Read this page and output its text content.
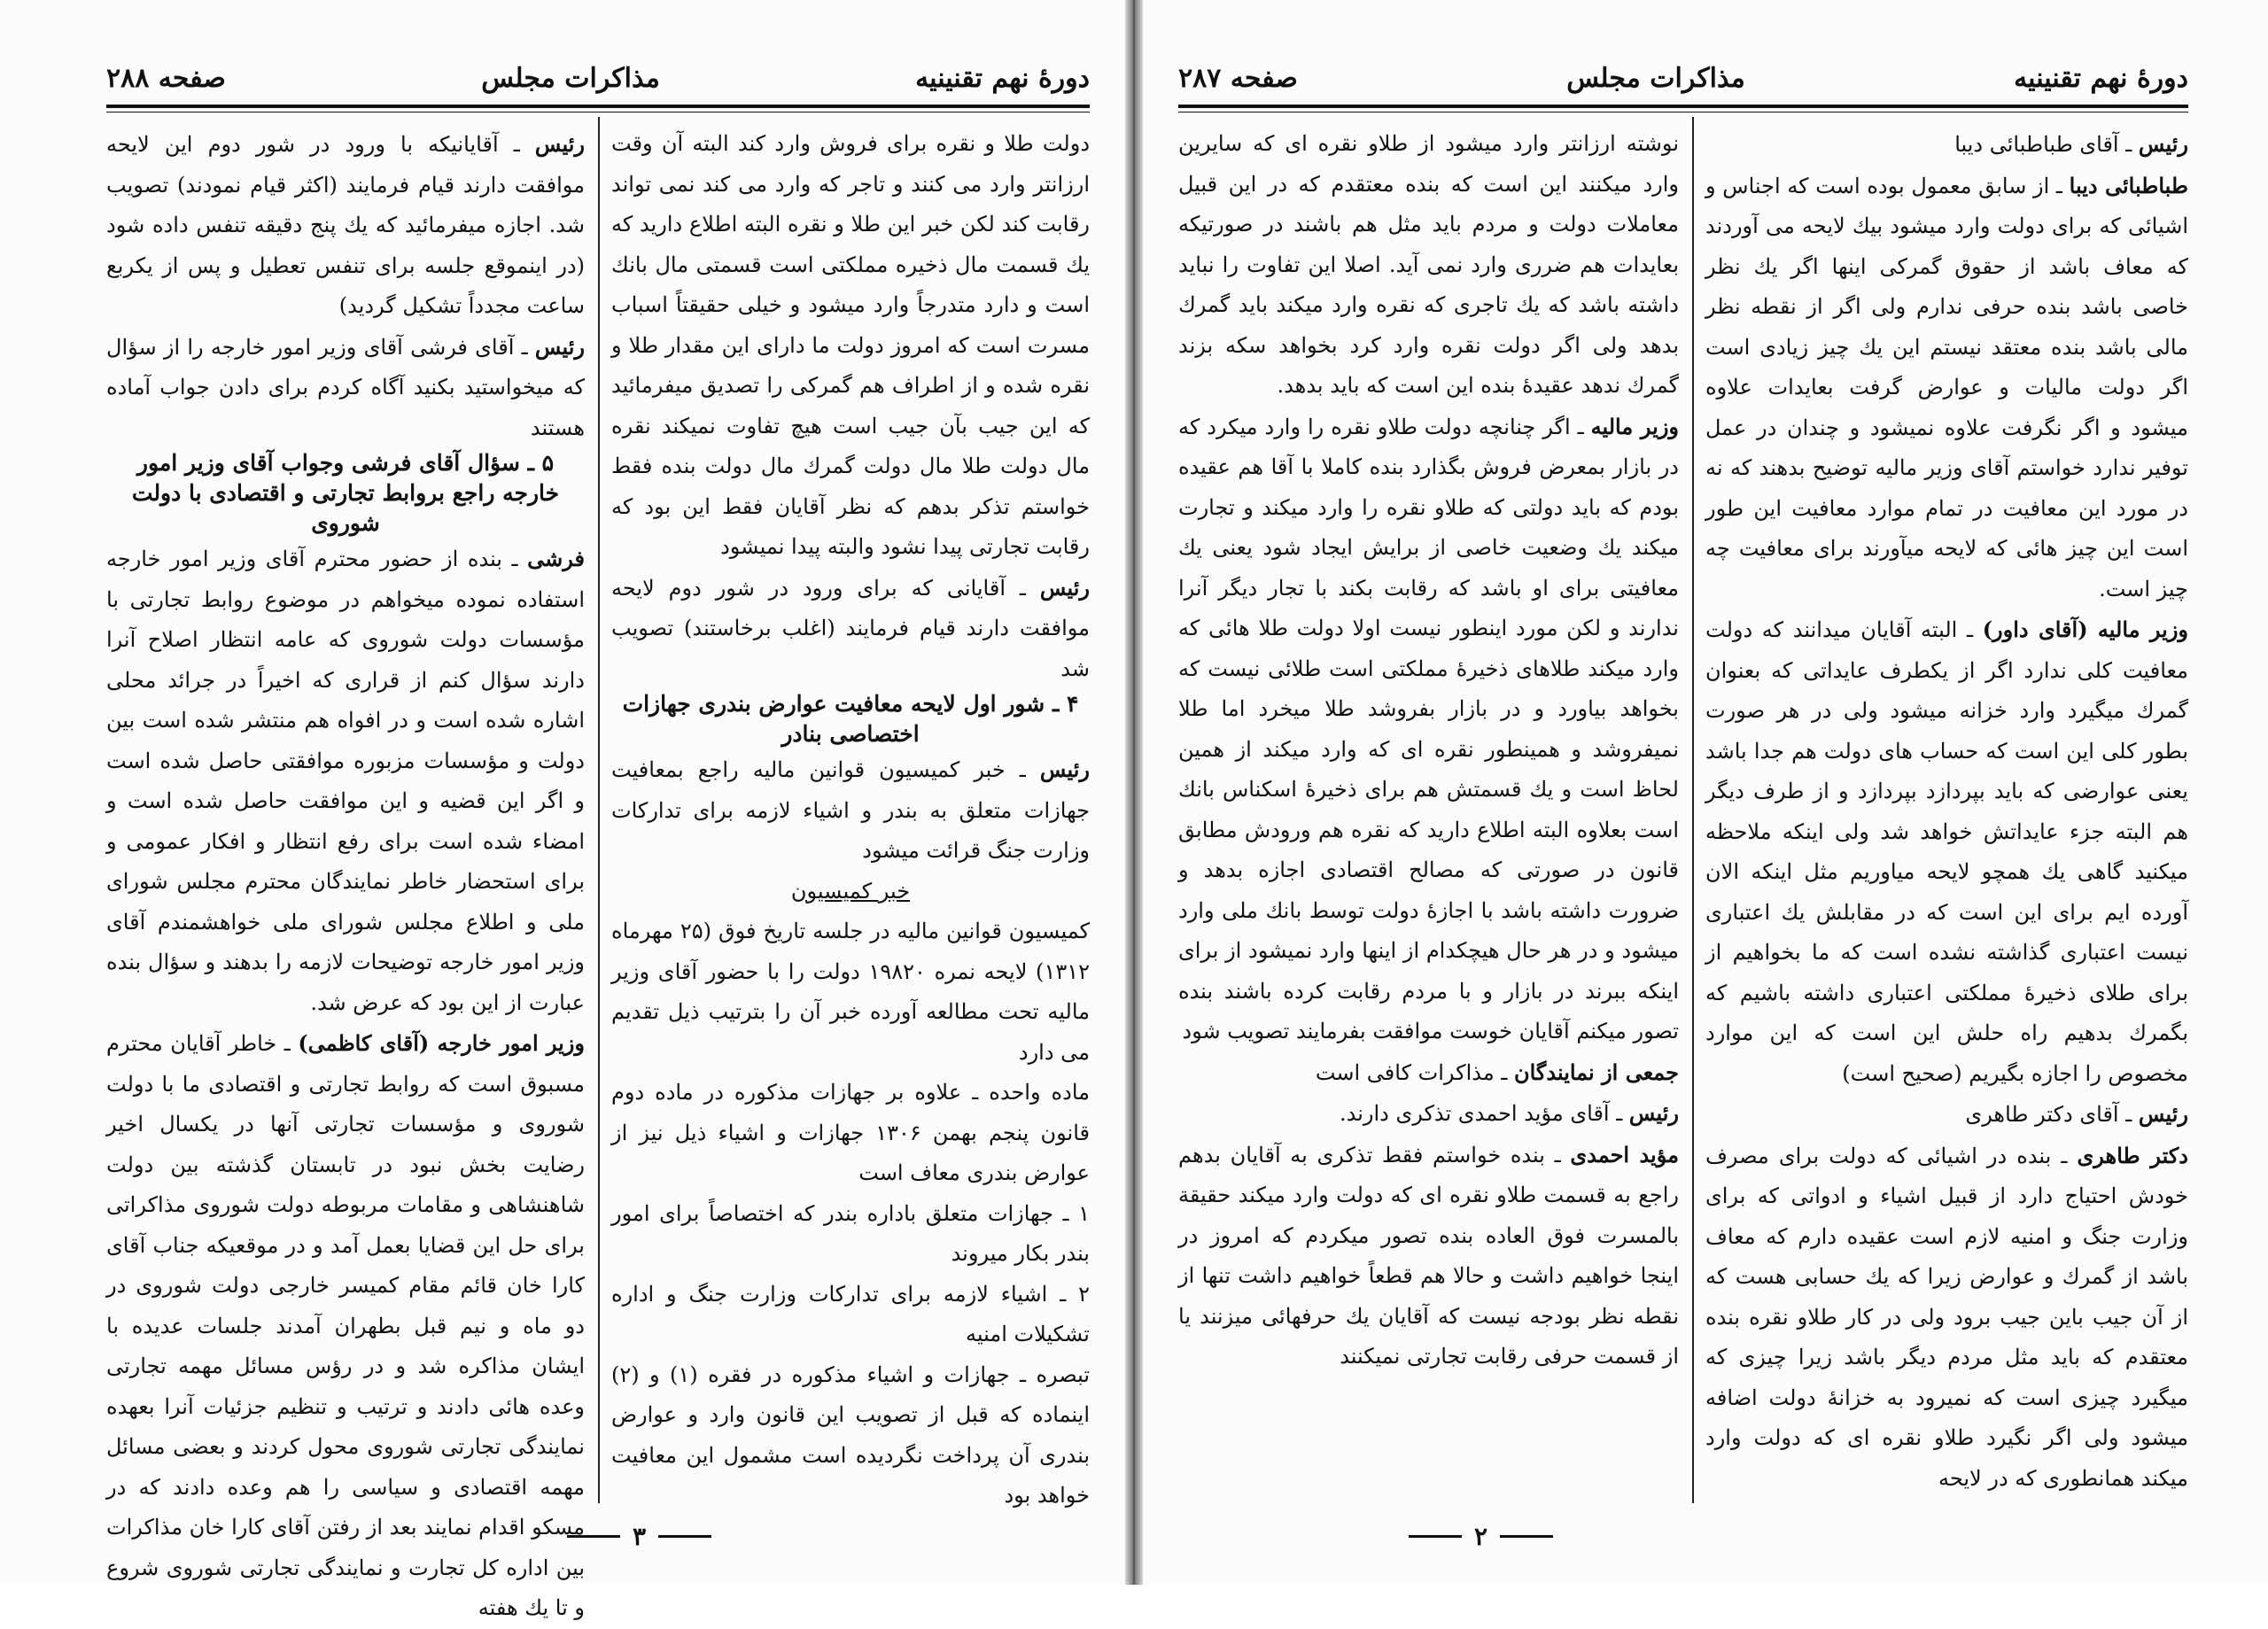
دورهٔ نهم تقنینیه
مذاکرات مجلس
صفحه ۲۸۸

دولت طلا و نقره برای فروش وارد کند البته آن وقت ارزانتر وارد می کنند و تاجر که وارد می کند نمی تواند رقابت کند لکن خبر این طلا و نقره البته اطلاع دارید که یك قسمت مال ذخیره مملکتی است قسمتی مال بانك است و دارد متدرجاً وارد میشود و خیلی حقیقتاً اسباب مسرت است که امروز دولت ما دارای این مقدار طلا و نقره شده و از اطراف هم گمرکی را تصدیق میفرمائید که این جیب بآن جیب است هیچ تفاوت نمیکند نقره مال دولت طلا مال دولت گمرك مال دولت بنده فقط خواستم تذکر بدهم که نظر آقایان فقط این بود که رقابت تجارتی پیدا نشود والبته پیدا نمیشود

رئیس ـ آقایانی که برای ورود در شور دوم لایحه موافقت دارند قیام فرمایند (اغلب برخاستند) تصویب شد

۴ ـ شور اول لایحه معافیت عوارض بندری جهازات اختصاصی بنادر

رئیس ـ خبر کمیسیون قوانین مالیه راجع بمعافیت جهازات متعلق به بندر و اشیاء لازمه برای تدارکات وزارت جنگ قرائت میشود

خبر کمیسیون

کمیسیون قوانین مالیه در جلسه تاریخ فوق (۲۵ مهرماه ۱۳۱۲) لایحه نمره ۱۹۸۲۰ دولت را با حضور آقای وزیر مالیه تحت مطالعه آورده خبر آن را بترتیب ذیل تقدیم می دارد

ماده واحده ـ علاوه بر جهازات مذکوره در ماده دوم قانون پنجم بهمن ۱۳۰۶ جهازات و اشیاء ذیل نیز از عوارض بندری معاف است

۱ ـ جهازات متعلق باداره بندر که اختصاصاً برای امور بندر بکار میروند

۲ ـ اشیاء لازمه برای تدارکات وزارت جنگ و اداره تشکیلات امنیه

تبصره ـ جهازات و اشیاء مذکوره در فقره (۱) و (۲) اینماده که قبل از تصویب این قانون وارد و عوارض بندری آن پرداخت نگردیده است مشمول این معافیت خواهد بود

رئیس ـ آقایانیکه با ورود در شور دوم این لایحه موافقت دارند قیام فرمایند (اکثر قیام نمودند) تصویب شد. اجازه میفرمائید که یك پنج دقیقه تنفس داده شود (در اینموقع جلسه برای تنفس تعطیل و پس از یکربع ساعت مجدداً تشکیل گردید)

رئیس ـ آقای فرشی آقای وزیر امور خارجه را از سؤال که میخواستید بکنید آگاه کردم برای دادن جواب آماده هستند

۵ ـ سؤال آقای فرشی وجواب آقای وزیر امور خارجه راجع بروابط تجارتی و اقتصادی با دولت شوروی

فرشی ـ بنده از حضور محترم آقای وزیر امور خارجه استفاده نموده میخواهم در موضوع روابط تجارتی با مؤسسات دولت شوروی که عامه انتظار اصلاح آنرا دارند سؤال کنم از قراری که اخیراً در جرائد محلی اشاره شده است و در افواه هم منتشر شده است بین دولت و مؤسسات مزبوره موافقتی حاصل شده است و اگر این قضیه و این موافقت حاصل شده است و امضاء شده است برای رفع انتظار و افکار عمومی و برای استحضار خاطر نمایندگان محترم مجلس شورای ملی و اطلاع مجلس شورای ملی خواهشمندم آقای وزیر امور خارجه توضیحات لازمه را بدهند و سؤال بنده عبارت از این بود که عرض شد.

وزیر امور خارجه (آقای کاظمی) ـ خاطر آقایان محترم مسبوق است که روابط تجارتی و اقتصادی ما با دولت شوروی و مؤسسات تجارتی آنها در یکسال اخیر رضایت بخش نبود در تابستان گذشته بین دولت شاهنشاهی و مقامات مربوطه دولت شوروی مذاکراتی برای حل این قضایا بعمل آمد و در موقعیکه جناب آقای کارا خان قائم مقام کمیسر خارجی دولت شوروی در دو ماه و نیم قبل بطهران آمدند جلسات عدیده با ایشان مذاکره شد و در رؤس مسائل مهمه تجارتی وعده هائی دادند و ترتیب و تنظیم جزئیات آنرا بعهده نمایندگی تجارتی شوروی محول کردند و بعضی مسائل مهمه اقتصادی و سیاسی را هم وعده دادند که در مسکو اقدام نمایند بعد از رفتن آقای کارا خان مذاکرات بین اداره کل تجارت و نمایندگی تجارتی شوروی شروع و تا یك هفته

۳
دورهٔ نهم تقنینیه
مذاکرات مجلس
صفحه ۲۸۷

رئیس ـ آقای طباطبائی دیبا

طباطبائی دیبا ـ از سابق معمول بوده است که اجناس و اشیائی که برای دولت وارد میشود بیك لایحه می آوردند که معاف باشد از حقوق گمرکی اینها اگر یك نظر خاصی باشد بنده حرفی ندارم ولی اگر از نقطه نظر مالی باشد بنده معتقد نیستم این یك چیز زیادی است اگر دولت مالیات و عوارض گرفت بعایدات علاوه میشود و اگر نگرفت علاوه نمیشود و چندان در عمل توفیر ندارد خواستم آقای وزیر مالیه توضیح بدهند که نه در مورد این معافیت در تمام موارد معافیت این طور است این چیز هائی که لایحه میآورند برای معافیت چه چیز است.

وزیر مالیه (آقای داور) ـ البته آقایان میدانند که دولت معافیت کلی ندارد اگر از یکطرف عایداتی که بعنوان گمرك میگیرد وارد خزانه میشود ولی در هر صورت بطور کلی این است که حساب های دولت هم جدا باشد یعنی عوارضی که باید بپردازد بپردازد و از طرف دیگر هم البته جزء عایداتش خواهد شد ولی اینکه ملاحظه میکنید گاهی یك همچو لایحه میاوریم مثل اینکه الان آورده ایم برای این است که در مقابلش یك اعتباری نیست اعتباری گذاشته نشده است که ما بخواهیم از برای طلای ذخیرهٔ مملکتی اعتباری داشته باشیم که بگمرك بدهیم راه حلش این است که این موارد مخصوص را اجازه بگیریم (صحیح است)

رئیس ـ آقای دکتر طاهری

دکتر طاهری ـ بنده در اشیائی که دولت برای مصرف خودش احتیاج دارد از قبیل اشیاء و ادواتی که برای وزارت جنگ و امنیه لازم است عقیده دارم که معاف باشد از گمرك و عوارض زیرا که یك حسابی هست که از آن جیب باین جیب برود ولی در کار طلاو نقره بنده معتقدم که باید مثل مردم دیگر باشد زیرا چیزی که میگیرد چیزی است که نمیرود به خزانهٔ دولت اضافه میشود ولی اگر نگیرد طلاو نقره ای که دولت وارد میکند همانطوری که در لایحه

نوشته ارزانتر وارد میشود از طلاو نقره ای که سایرین وارد میکنند این است که بنده معتقدم که در این قبیل معاملات دولت و مردم باید مثل هم باشند در صورتیکه بعایدات هم ضرری وارد نمی آید. اصلا این تفاوت را نباید داشته باشد که یك تاجری که نقره وارد میکند باید گمرك بدهد ولی اگر دولت نقره وارد کرد بخواهد سکه بزند گمرك ندهد عقیدهٔ بنده این است که باید بدهد.

وزیر مالیه ـ اگر چنانچه دولت طلاو نقره را وارد میکرد که در بازار بمعرض فروش بگذارد بنده کاملا با آقا هم عقیده بودم که باید دولتی که طلاو نقره را وارد میکند و تجارت میکند یك وضعیت خاصی از برایش ایجاد شود یعنی یك معافیتی برای او باشد که رقابت بکند با تجار دیگر آنرا ندارند و لکن مورد اینطور نیست اولا دولت طلا هائی که وارد میکند طلاهای ذخیرهٔ مملکتی است طلائی نیست که بخواهد بیاورد و در بازار بفروشد طلا میخرد اما طلا نمیفروشد و همینطور نقره ای که وارد میکند از همین لحاظ است و یك قسمتش هم برای ذخیرهٔ اسکناس بانك است بعلاوه البته اطلاع دارید که نقره هم ورودش مطابق قانون در صورتی که مصالح اقتصادی اجازه بدهد و ضرورت داشته باشد با اجازهٔ دولت توسط بانك ملی وارد میشود و در هر حال هیچکدام از اینها وارد نمیشود از برای اینکه ببرند در بازار و با مردم رقابت کرده باشند بنده تصور میکنم آقایان خوست موافقت بفرمایند تصویب شود

جمعی از نمایندگان ـ مذاکرات کافی است

رئیس ـ آقای مؤید احمدی تذکری دارند.

مؤید احمدی ـ بنده خواستم فقط تذکری به آقایان بدهم راجع به قسمت طلاو نقره ای که دولت وارد میکند حقیقة بالمسرت فوق العاده بنده تصور میکردم که امروز در اینجا خواهیم داشت و حالا هم قطعاً خواهیم داشت تنها از نقطه نظر بودجه نیست که آقایان یك حرفهائی میزنند یا از قسمت حرفی رقابت تجارتی نمیکنند

۲
